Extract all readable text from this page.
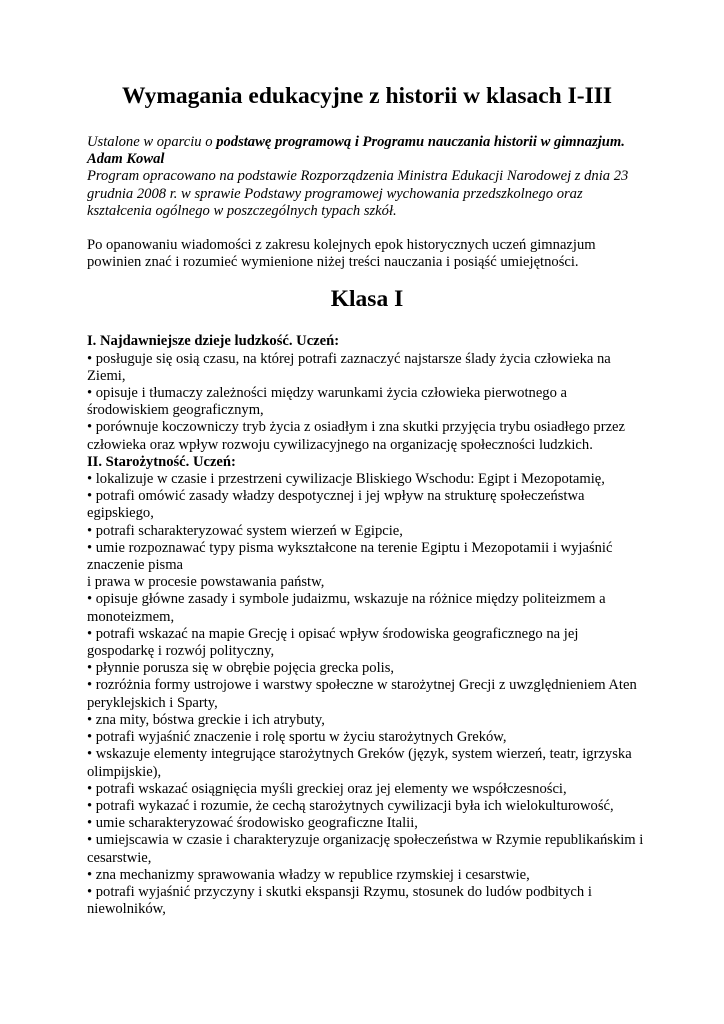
Wymagania edukacyjne z historii w klasach I-III

Ustalone w oparciu o podstawę programową i Programu nauczania historii w gimnazjum.

Adam Kowal

Program opracowano na podstawie Rozporządzenia Ministra Edukacji Narodowej z dnia 23 grudnia 2008 r. w sprawie Podstawy programowej wychowania przedszkolnego oraz kształcenia ogólnego w poszczególnych typach szkół.

Po opanowaniu wiadomości z zakresu kolejnych epok historycznych uczeń gimnazjum powinien znać i rozumieć wymienione niżej treści nauczania i posiąść umiejętności.

Klasa I

I. Najdawniejsze dzieje ludzkość. Uczeń:

• posługuje się osią czasu, na której potrafi zaznaczyć najstarsze ślady życia człowieka na Ziemi,
• opisuje i tłumaczy zależności między warunkami życia człowieka pierwotnego a środowiskiem geograficznym,
• porównuje koczowniczy tryb życia z osiadłym i zna skutki przyjęcia trybu osiadłego przez człowieka oraz wpływ rozwoju cywilizacyjnego na organizację społeczności ludzkich.

II. Starożytność. Uczeń:

• lokalizuje w czasie i przestrzeni cywilizacje Bliskiego Wschodu: Egipt i Mezopotamię,
• potrafi omówić zasady władzy despotycznej i jej wpływ na strukturę społeczeństwa egipskiego,
• potrafi scharakteryzować system wierzeń w Egipcie,
• umie rozpoznawać typy pisma wykształcone na terenie Egiptu i Mezopotamii i wyjaśnić znaczenie pisma
i prawa w procesie powstawania państw,
• opisuje główne zasady i symbole judaizmu, wskazuje na różnice między politeizmem a monoteizmem,
• potrafi wskazać na mapie Grecję i opisać wpływ środowiska geograficznego na jej gospodarkę i rozwój polityczny,
• płynnie porusza się w obrębie pojęcia grecka polis,
• rozróżnia formy ustrojowe i warstwy społeczne w starożytnej Grecji z uwzględnieniem Aten peryklejskich i Sparty,
• zna mity, bóstwa greckie i ich atrybuty,
• potrafi wyjaśnić znaczenie i rolę sportu w życiu starożytnych Greków,
• wskazuje elementy integrujące starożytnych Greków (język, system wierzeń, teatr, igrzyska olimpijskie),
• potrafi wskazać osiągnięcia myśli greckiej oraz jej elementy we współczesności,
• potrafi wykazać i rozumie, że cechą starożytnych cywilizacji była ich wielokulturowość,
• umie scharakteryzować środowisko geograficzne Italii,
• umiejscawia w czasie i charakteryzuje organizację społeczeństwa w Rzymie republikańskim i cesarstwie,
• zna mechanizmy sprawowania władzy w republice rzymskiej i cesarstwie,
• potrafi wyjaśnić przyczyny i skutki ekspansji Rzymu, stosunek do ludów podbitych i niewolników,
